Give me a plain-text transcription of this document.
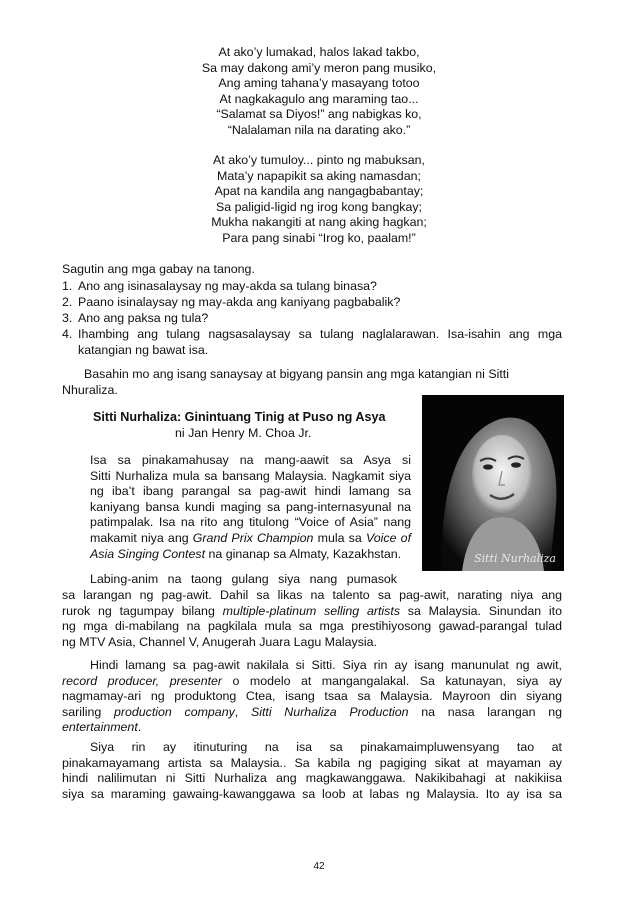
At ako’y lumakad, halos lakad takbo,
Sa may dakong ami’y meron pang musiko,
Ang aming tahana’y masayang totoo
At nagkakagulo ang maraming tao...
“Salamat sa Diyos!” ang nabigkas ko,
“Nalalaman nila na darating ako.”
At ako’y tumuloy... pinto ng mabuksan,
Mata’y napapikit sa aking namasdan;
Apat na kandila ang nangagbabantay;
Sa paligid-ligid ng irog kong bangkay;
Mukha nakangiti at nang aking hagkan;
Para pang sinabi “Irog ko, paalam!”
Sagutin ang mga gabay na tanong.
1. Ano ang isinasalaysay ng may-akda sa tulang binasa?
2. Paano isinalaysay ng may-akda ang kaniyang pagbabalik?
3. Ano ang paksa ng tula?
4. Ihambing ang tulang nagsasalaysay sa tulang naglalarawan. Isa-isahin ang mga katangian ng bawat isa.
Basahin mo ang isang sanaysay at bigyang pansin ang mga katangian ni Sitti Nhuraliza.
Sitti Nurhaliza: Ginintuang Tinig at Puso ng Asya
ni Jan Henry M. Choa Jr.
Sitti Nurhaliza
Isa sa pinakamahusay na mang-aawit sa Asya si
Sitti Nurhaliza mula sa bansang Malaysia. Nagkamit siya
ng iba’t ibang parangal sa pag-awit hindi lamang sa
kaniyang bansa kundi maging sa pang-internasyunal na
patimpalak. Isa na rito ang titulong “Voice of Asia” nang
makamit niya ang Grand Prix Champion mula sa Voice of
Asia Singing Contest na ginanap sa Almaty, Kazakhstan.
Labing-anim na taong gulang siya nang pumasok
sa larangan ng pag-awit. Dahil sa likas na talento sa pag-awit, narating niya ang
rurok ng tagumpay bilang multiple-platinum selling artists sa Malaysia. Sinundan ito
ng mga di-mabilang na pagkilala mula sa mga prestihiyosong gawad-parangal tulad
ng MTV Asia, Channel V, Anugerah Juara Lagu Malaysia.
Hindi lamang sa pag-awit nakilala si Sitti. Siya rin ay isang manunulat ng awit,
record producer, presenter o modelo at mangangalakal. Sa katunayan, siya ay
nagmamay-ari ng produktong Ctea, isang tsaa sa Malaysia. Mayroon din siyang
sariling production company, Sitti Nurhaliza Production na nasa larangan ng
entertainment.
Siya rin ay itinuturing na isa sa pinakamaimpluwensyang tao at
pinakamayamang artista sa Malaysia.. Sa kabila ng pagiging sikat at mayaman ay
hindi nalilimutan ni Sitti Nurhaliza ang magkawanggawa. Nakikibahagi at nakikiisa
siya sa maraming gawaing-kawanggawa sa loob at labas ng Malaysia. Ito ay isa sa
42
